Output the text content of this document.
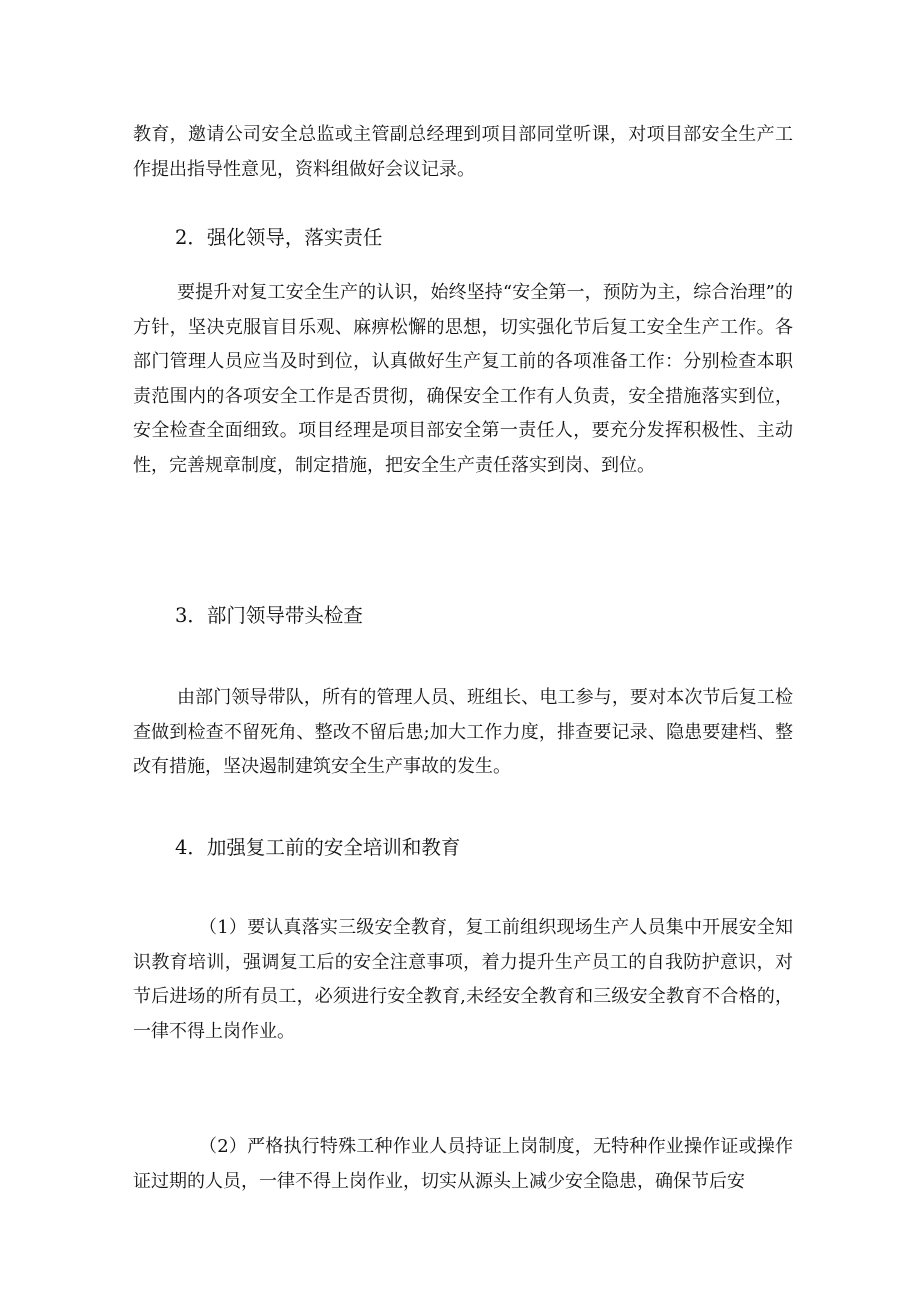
教育，邀请公司安全总监或主管副总经理到项目部同堂听课，对项目部安全生产工作提出指导性意见，资料组做好会议记录。

2．强化领导，落实责任

要提升对复工安全生产的认识，始终坚持“安全第一，预防为主，综合治理”的方针，坚决克服盲目乐观、麻痹松懈的思想，切实强化节后复工安全生产工作。各部门管理人员应当及时到位，认真做好生产复工前的各项准备工作：分别检查本职责范围内的各项安全工作是否贯彻，确保安全工作有人负责，安全措施落实到位，安全检查全面细致。项目经理是项目部安全第一责任人，要充分发挥积极性、主动性，完善规章制度，制定措施，把安全生产责任落实到岗、到位。

3．部门领导带头检查

由部门领导带队，所有的管理人员、班组长、电工参与，要对本次节后复工检查做到检查不留死角、整改不留后患;加大工作力度，排查要记录、隐患要建档、整改有措施，坚决遏制建筑安全生产事故的发生。

4．加强复工前的安全培训和教育

（1）要认真落实三级安全教育，复工前组织现场生产人员集中开展安全知识教育培训，强调复工后的安全注意事项，着力提升生产员工的自我防护意识，对节后进场的所有员工，必须进行安全教育,未经安全教育和三级安全教育不合格的，一律不得上岗作业。

（2）严格执行特殊工种作业人员持证上岗制度，无特种作业操作证或操作证过期的人员，一律不得上岗作业，切实从源头上减少安全隐患，确保节后安
